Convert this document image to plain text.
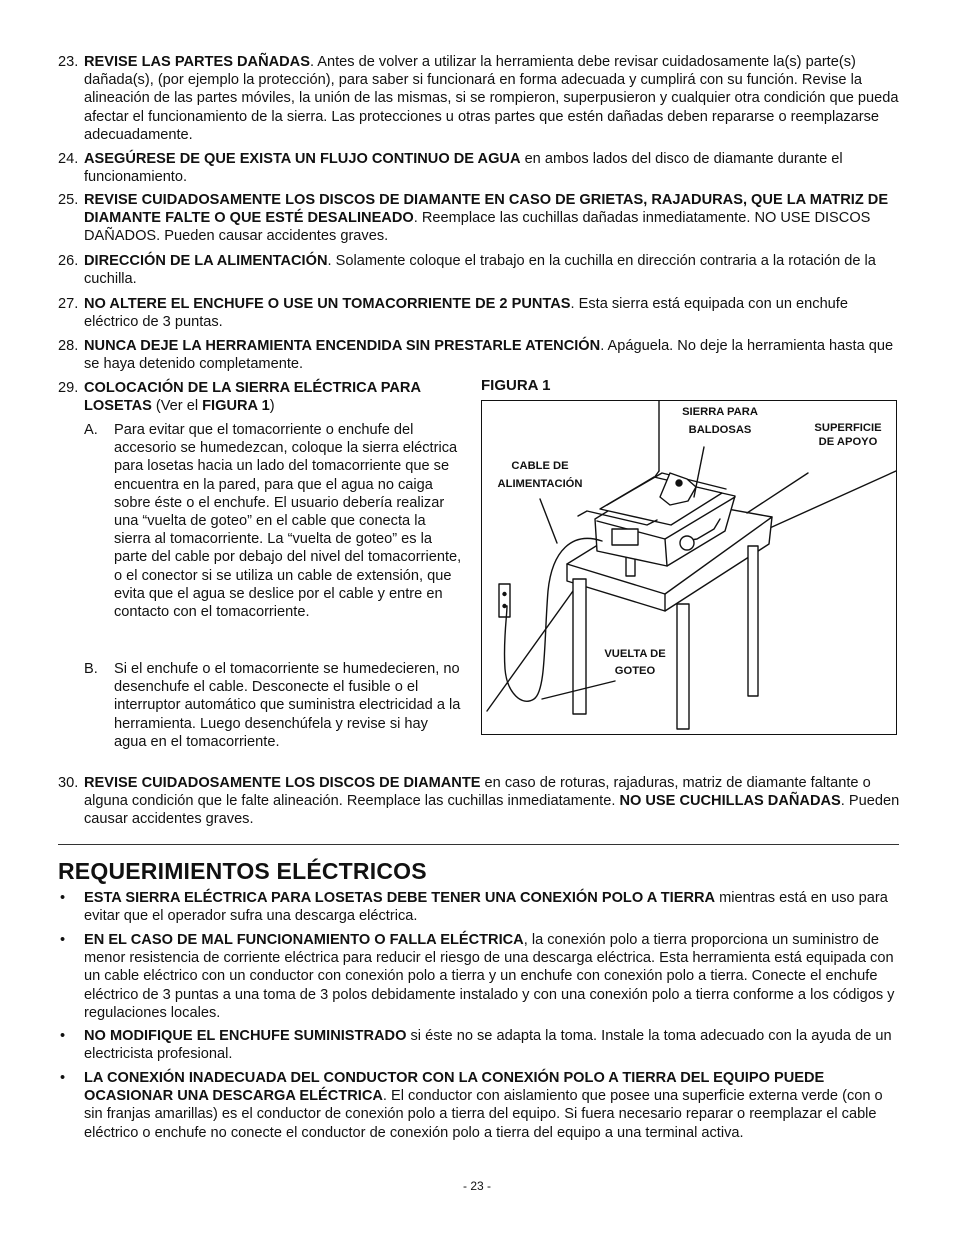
23. REVISE LAS PARTES DAÑADAS. Antes de volver a utilizar la herramienta debe revisar cuidadosamente la(s) parte(s) dañada(s), (por ejemplo la protección), para saber si funcionará en forma adecuada y cumplirá con su función. Revise la alineación de las partes móviles, la unión de las mismas, si se rompieron, superpusieron y cualquier otra condición que pueda afectar el funcionamiento de la sierra. Las protecciones u otras partes que estén dañadas deben repararse o reemplazarse adecuadamente.
24. ASEGÚRESE DE QUE EXISTA UN FLUJO CONTINUO DE AGUA en ambos lados del disco de diamante durante el funcionamiento.
25. REVISE CUIDADOSAMENTE LOS DISCOS DE DIAMANTE EN CASO DE GRIETAS, RAJADURAS, QUE LA MATRIZ DE DIAMANTE FALTE O QUE ESTÉ DESALINEADO. Reemplace las cuchillas dañadas inmediatamente. NO USE DISCOS DAÑADOS. Pueden causar accidentes graves.
26. DIRECCIÓN DE LA ALIMENTACIÓN. Solamente coloque el trabajo en la cuchilla en dirección contraria a la rotación de la cuchilla.
27. NO ALTERE EL ENCHUFE O USE UN TOMACORRIENTE DE 2 PUNTAS. Esta sierra está equipada con un enchufe eléctrico de 3 puntas.
28. NUNCA DEJE LA HERRAMIENTA ENCENDIDA SIN PRESTARLE ATENCIÓN. Apáguela. No deje la herramienta hasta que se haya detenido completamente.
29. COLOCACIÓN DE LA SIERRA ELÉCTRICA PARA LOSETAS (Ver el FIGURA 1)
A. Para evitar que el tomacorriente o enchufe del accesorio se humedezcan, coloque la sierra eléctrica para losetas hacia un lado del tomacorriente que se encuentra en la pared, para que el agua no caiga sobre éste o el enchufe. El usuario debería realizar una “vuelta de goteo” en el cable que conecta la sierra al tomacorriente. La “vuelta de goteo” es la parte del cable por debajo del nivel del tomacorriente, o el conector si se utiliza un cable de extensión, que evita que el agua se deslice por el cable y entre en contacto con el tomacorriente.
B. Si el enchufe o el tomacorriente se humedecieren, no desenchufe el cable. Desconecte el fusible o el interruptor automático que suministra electricidad a la herramienta. Luego desenchúfela y revise si hay agua en el tomacorriente.
FIGURA 1
SIERRA PARA
BALDOSAS	SUPERFICIE
DE APOYO
CABLE DE
ALIMENTACIÓN
VUELTA DE
GOTEO
30. REVISE CUIDADOSAMENTE LOS DISCOS DE DIAMANTE en caso de roturas, rajaduras, matriz de diamante faltante o alguna condición que le falte alineación. Reemplace las cuchillas inmediatamente. NO USE CUCHILLAS DAÑADAS. Pueden causar accidentes graves.
REQUERIMIENTOS ELÉCTRICOS
• ESTA SIERRA ELÉCTRICA PARA LOSETAS DEBE TENER UNA CONEXIÓN POLO A TIERRA mientras está en uso para evitar que el operador sufra una descarga eléctrica.
• EN EL CASO DE MAL FUNCIONAMIENTO O FALLA ELÉCTRICA, la conexión polo a tierra proporciona un suministro de menor resistencia de corriente eléctrica para reducir el riesgo de una descarga eléctrica. Esta herramienta está equipada con un cable eléctrico con un conductor con conexión polo a tierra y un enchufe con conexión polo a tierra. Conecte el enchufe eléctrico de 3 puntas a una toma de 3 polos debidamente instalado y con una conexión polo a tierra conforme a los códigos y regulaciones locales.
• NO MODIFIQUE EL ENCHUFE SUMINISTRADO si éste no se adapta la toma. Instale la toma adecuado con la ayuda de un electricista profesional.
• LA CONEXIÓN INADECUADA DEL CONDUCTOR CON LA CONEXIÓN POLO A TIERRA DEL EQUIPO PUEDE OCASIONAR UNA DESCARGA ELÉCTRICA. El conductor con aislamiento que posee una superficie externa verde (con o sin franjas amarillas) es el conductor de conexión polo a tierra del equipo. Si fuera necesario reparar o reemplazar el cable eléctrico o enchufe no conecte el conductor de conexión polo a tierra del equipo a una terminal activa.
- 23 -
